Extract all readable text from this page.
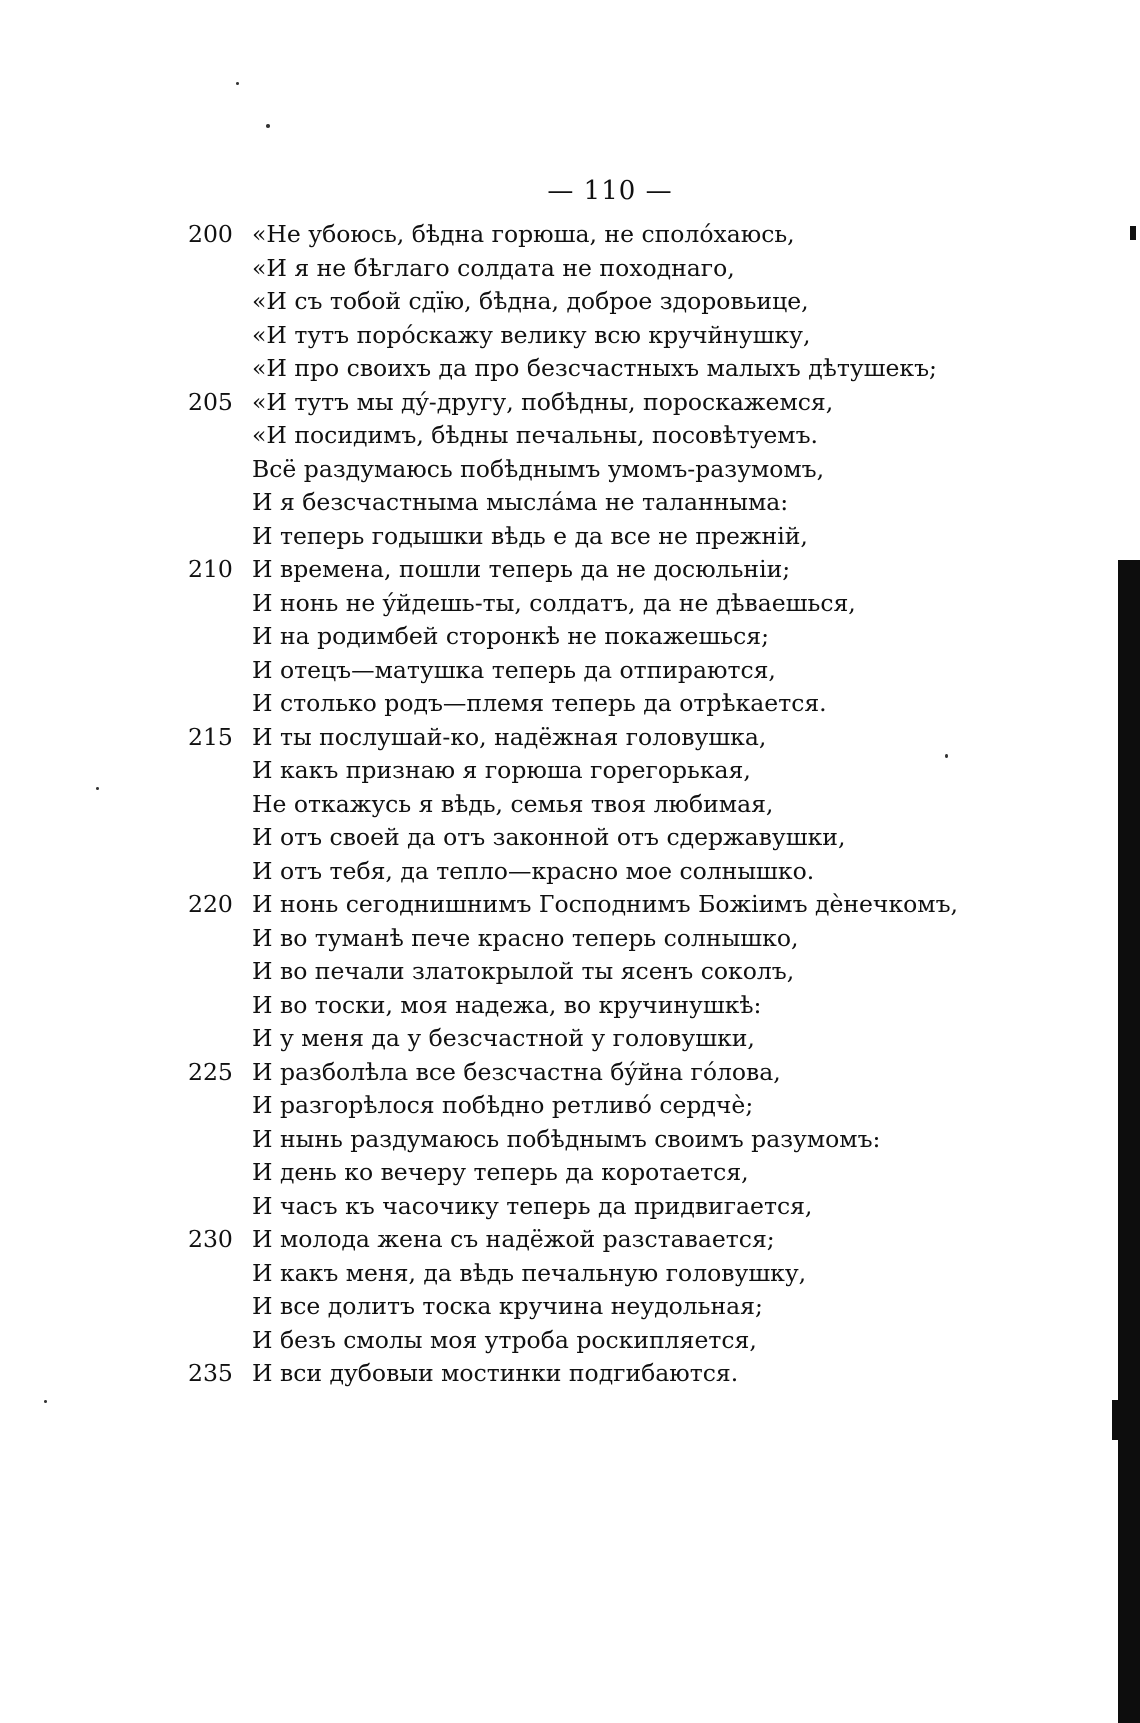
— 110 —
200 «Не убоюсь, бѣдна горюша, не сполóхаюсь,
«И я не бѣглаго солдата не походнаго,
«И съ тобой сдїю, бѣдна, доброе здоровьице,
«И тутъ порóскажу велику всю кручйнушку,
«И про своихъ да про безсчастныхъ малыхъ дѣтушекъ;
205 «И тутъ мы дý-другу, побѣдны, пороскажемся,
«И посидимъ, бѣдны печальны, посовѣтуемъ.
Всё раздумаюсь побѣднымъ умомъ-разумомъ,
И я безсчастныма мыслáма не таланныма:
И теперь годышки вѣдь е да все не прежнiй,
210 И времена, пошли теперь да не досюльнiи;
И нонь не ýйдешь-ты, солдатъ, да не дѣваешься,
И на родимбей сторонкѣ не покажешься;
И отецъ—матушка теперь да отпираются,
И столько родъ—племя теперь да отрѣкается.
215 И ты послушай-ко, надёжная головушка,
И какъ признаю я горюша горегорькая,
Не откажусь я вѣдь, семья твоя любимая,
И отъ своей да отъ законной отъ сдержавушки,
И отъ тебя, да тепло—красно мое солнышко.
220 И нонь сегоднишнимъ Господнимъ Божiимъ дѐнечкомъ,
И во туманѣ пече красно теперь солнышко,
И во печали златокрылой ты ясенъ соколъ,
И во тоски, моя надежа, во кручинушкѣ:
И у меня да у безсчастной у головушки,
225 И разболѣла все безсчастна бýйна гóлова,
И разгорѣлося побѣдно ретливó сердчѐ;
И нынь раздумаюсь побѣднымъ своимъ разумомъ:
И день ко вечеру теперь да коротается,
И часъ къ часочику теперь да придвигается,
230 И молода жена съ надёжой разставается;
И какъ меня, да вѣдь печальную головушку,
И все долитъ тоска кручина неудольная;
И безъ смолы моя утроба роскипляется,
235 И вси дубовыи мостинки подгибаются.
